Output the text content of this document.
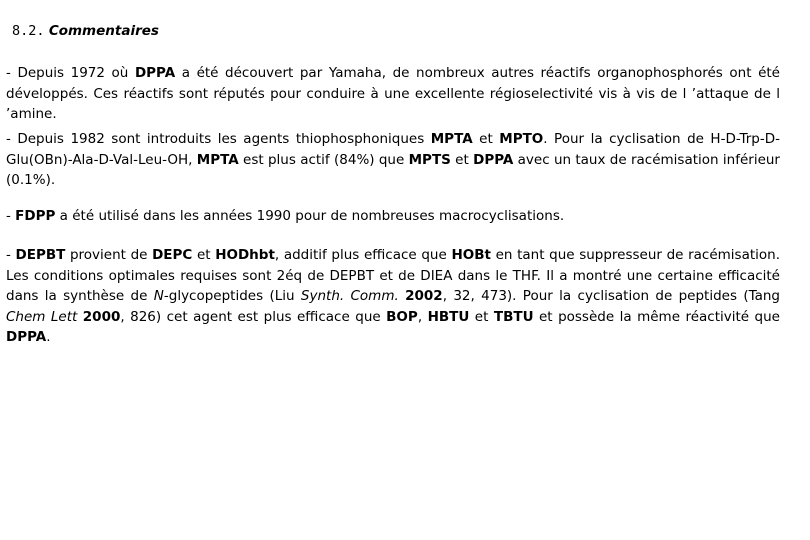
8.2. Commentaires

- Depuis 1972 où DPPA a été découvert par Yamaha, de nombreux autres réactifs organophosphorés ont été développés. Ces réactifs sont réputés pour conduire à une excellente régioselectivité vis à vis de l ’attaque de l ’amine.

- Depuis 1982 sont introduits les agents thiophosphoniques MPTA et MPTO. Pour la cyclisation de H-D-Trp-D-Glu(OBn)-Ala-D-Val-Leu-OH, MPTA est plus actif (84%) que MPTS et DPPA avec un taux de racémisation inférieur (0.1%).

- FDPP a été utilisé dans les années 1990 pour de nombreuses macrocyclisations.

- DEPBT provient de DEPC et HODhbt, additif plus efficace que HOBt en tant que suppresseur de racémisation. Les conditions optimales requises sont 2éq de DEPBT et de DIEA dans le THF. Il a montré une certaine efficacité dans la synthèse de N-glycopeptides (Liu Synth. Comm. 2002, 32, 473). Pour la cyclisation de peptides (Tang Chem Lett 2000, 826) cet agent est plus efficace que BOP, HBTU et TBTU et possède la même réactivité que DPPA.
